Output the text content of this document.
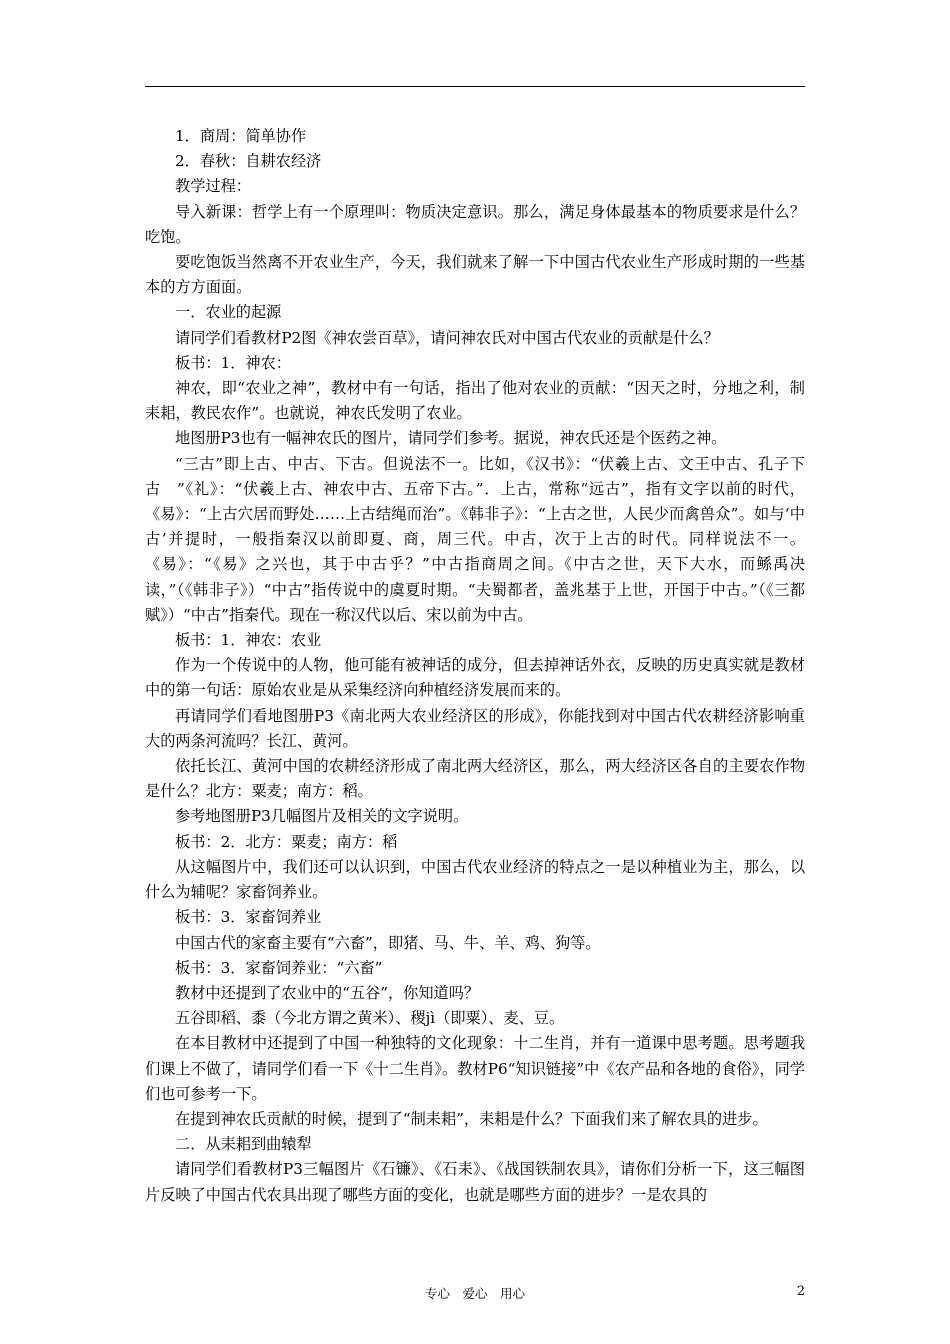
1．商周：简单协作

2．春秋：自耕农经济

教学过程：

导入新课：哲学上有一个原理叫：物质决定意识。那么，满足身体最基本的物质要求是什么？吃饱。

要吃饱饭当然离不开农业生产，今天，我们就来了解一下中国古代农业生产形成时期的一些基本的方方面面。

一．农业的起源

请同学们看教材P2图《神农尝百草》，请问神农氏对中国古代农业的贡献是什么？

板书：1．神农：

神农，即“农业之神”，教材中有一句话，指出了他对农业的贡献：“因天之时，分地之利，制耒耜，教民农作”。也就说，神农氏发明了农业。

地图册P3也有一幅神农氏的图片，请同学们参考。据说，神农氏还是个医药之神。

“三古”即上古、中古、下古。但说法不一。比如，《汉书》：“伏羲上古、文王中古、孔子下古　”《礼》：“伏羲上古、神农中古、五帝下古。”．上古，常称“远古”，指有文字以前的时代，《易》：“上古穴居而野处……上古结绳而治”。《韩非子》：“上古之世，人民少而禽兽众”。如与‘中古’并提时，一般指秦汉以前即夏、商，周三代。中古，次于上古的时代。同样说法不一。《易》：“《易》之兴也，其于中古乎？”中古指商周之间。《中古之世，天下大水，而鲧禹决读，”（《韩非子》）“中古”指传说中的虞夏时期。“夫蜀都者，盖兆基于上世，开国于中古。”（《三都赋》）“中古”指秦代。现在一称汉代以后、宋以前为中古。

板书：1．神农：农业

作为一个传说中的人物，他可能有被神话的成分，但去掉神话外衣，反映的历史真实就是教材中的第一句话：原始农业是从采集经济向种植经济发展而来的。

再请同学们看地图册P3《南北两大农业经济区的形成》，你能找到对中国古代农耕经济影响重大的两条河流吗？长江、黄河。

依托长江、黄河中国的农耕经济形成了南北两大经济区，那么，两大经济区各自的主要农作物是什么？北方：粟麦；南方：稻。

参考地图册P3几幅图片及相关的文字说明。

板书：2．北方：粟麦；南方：稻

从这幅图片中，我们还可以认识到，中国古代农业经济的特点之一是以种植业为主，那么，以什么为辅呢？家畜饲养业。

板书：3．家畜饲养业

中国古代的家畜主要有“六畜”，即猪、马、牛、羊、鸡、狗等。

板书：3．家畜饲养业：“六畜”

教材中还提到了农业中的“五谷”，你知道吗？

五谷即稻、黍（今北方谓之黄米）、稷jì（即粟）、麦、豆。

在本目教材中还提到了中国一种独特的文化现象：十二生肖，并有一道课中思考题。思考题我们课上不做了，请同学们看一下《十二生肖》。教材P6“知识链接”中《农产品和各地的食俗》，同学们也可参考一下。

在提到神农氏贡献的时候，提到了“制耒耜”，耒耜是什么？下面我们来了解农具的进步。

二．从耒耜到曲辕犁

请同学们看教材P3三幅图片《石镰》、《石耒》、《战国铁制农具》，请你们分析一下，这三幅图片反映了中国古代农具出现了哪些方面的变化，也就是哪些方面的进步？一是农具的

专心　爱心　用心	2
